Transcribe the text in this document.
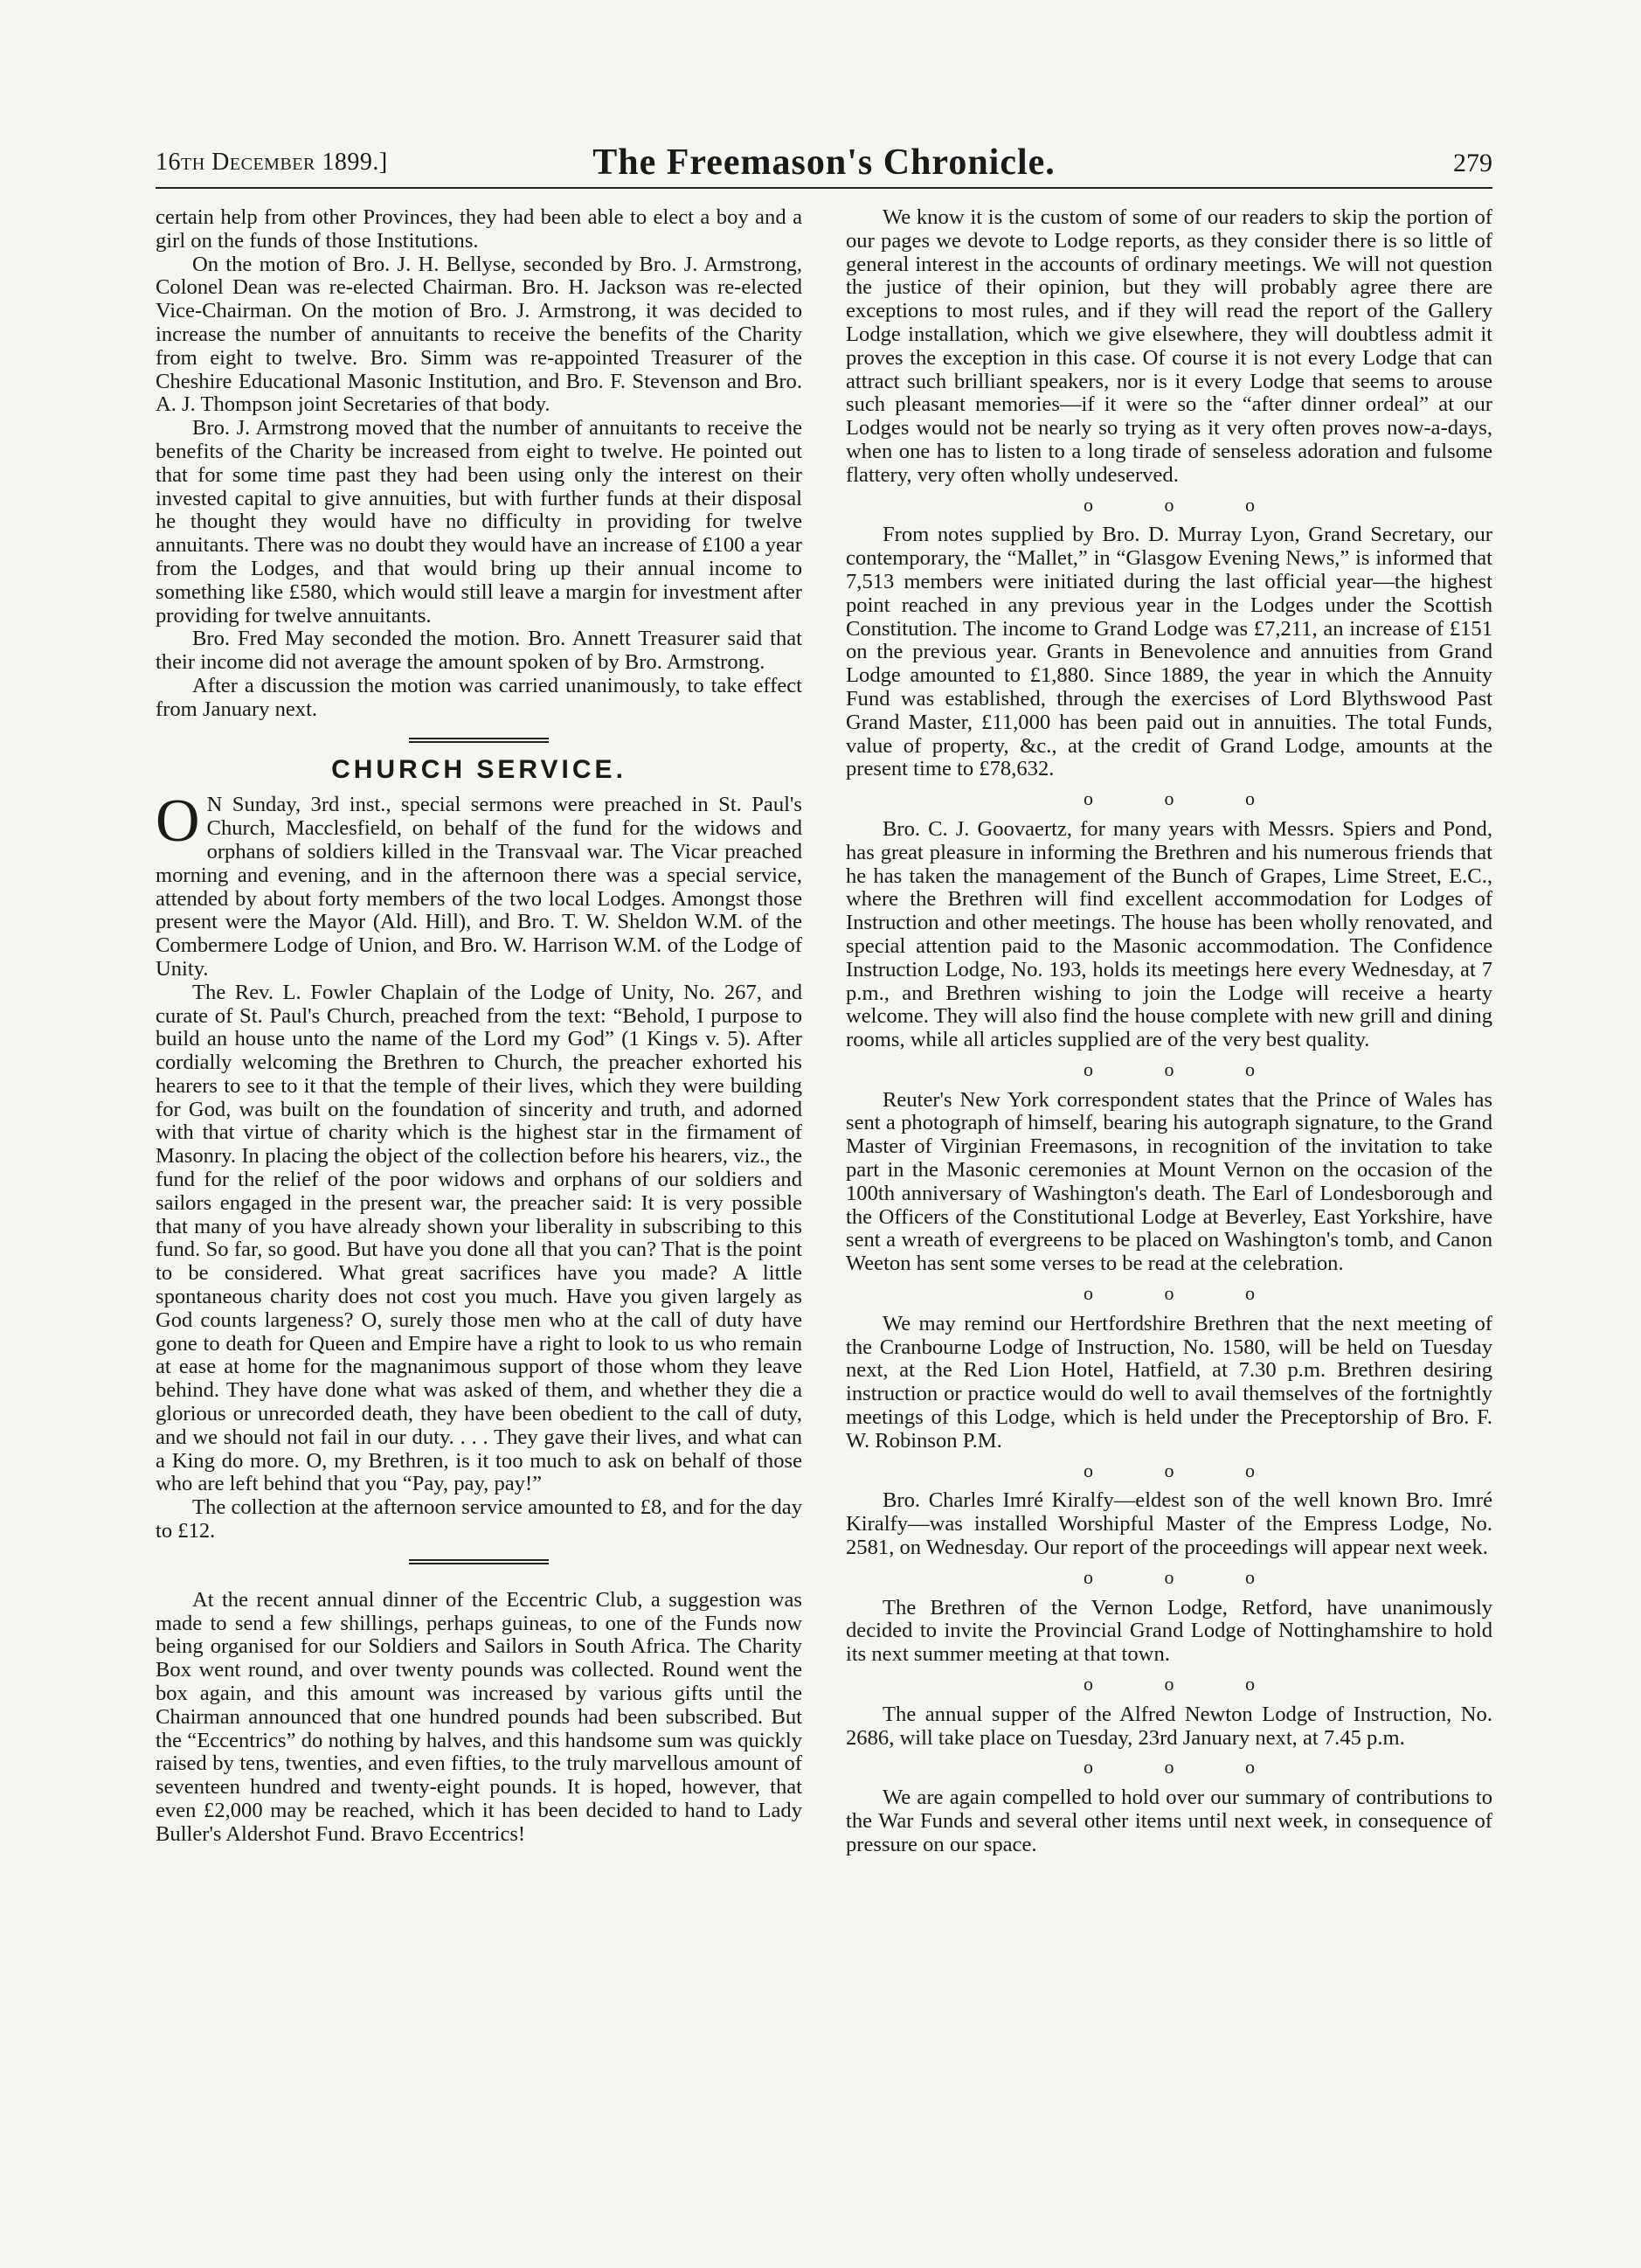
16th December 1899.]	The Freemason's Chronicle.	279

certain help from other Provinces, they had been able to elect a boy and a girl on the funds of those Institutions.

On the motion of Bro. J. H. Bellyse, seconded by Bro. J. Armstrong, Colonel Dean was re-elected Chairman. Bro. H. Jackson was re-elected Vice-Chairman. On the motion of Bro. J. Armstrong, it was decided to increase the number of annuitants to receive the benefits of the Charity from eight to twelve. Bro. Simm was re-appointed Treasurer of the Cheshire Educational Masonic Institution, and Bro. F. Stevenson and Bro. A. J. Thompson joint Secretaries of that body.

Bro. J. Armstrong moved that the number of annuitants to receive the benefits of the Charity be increased from eight to twelve. He pointed out that for some time past they had been using only the interest on their invested capital to give annuities, but with further funds at their disposal he thought they would have no difficulty in providing for twelve annuitants. There was no doubt they would have an increase of £100 a year from the Lodges, and that would bring up their annual income to something like £580, which would still leave a margin for investment after providing for twelve annuitants.

Bro. Fred May seconded the motion. Bro. Annett Treasurer said that their income did not average the amount spoken of by Bro. Armstrong.

After a discussion the motion was carried unanimously, to take effect from January next.

CHURCH SERVICE.

O N Sunday, 3rd inst., special sermons were preached in St. Paul's Church, Macclesfield, on behalf of the fund for the widows and orphans of soldiers killed in the Transvaal war. The Vicar preached morning and evening, and in the afternoon there was a special service, attended by about forty members of the two local Lodges. Amongst those present were the Mayor (Ald. Hill), and Bro. T. W. Sheldon W.M. of the Combermere Lodge of Union, and Bro. W. Harrison W.M. of the Lodge of Unity.

The Rev. L. Fowler Chaplain of the Lodge of Unity, No. 267, and curate of St. Paul's Church, preached from the text: “Behold, I purpose to build an house unto the name of the Lord my God” (1 Kings v. 5). After cordially welcoming the Brethren to Church, the preacher exhorted his hearers to see to it that the temple of their lives, which they were building for God, was built on the foundation of sincerity and truth, and adorned with that virtue of charity which is the highest star in the firmament of Masonry. In placing the object of the collection before his hearers, viz., the fund for the relief of the poor widows and orphans of our soldiers and sailors engaged in the present war, the preacher said: It is very possible that many of you have already shown your liberality in subscribing to this fund. So far, so good. But have you done all that you can? That is the point to be considered. What great sacrifices have you made? A little spontaneous charity does not cost you much. Have you given largely as God counts largeness? O, surely those men who at the call of duty have gone to death for Queen and Empire have a right to look to us who remain at ease at home for the magnanimous support of those whom they leave behind. They have done what was asked of them, and whether they die a glorious or unrecorded death, they have been obedient to the call of duty, and we should not fail in our duty. . . . They gave their lives, and what can a King do more. O, my Brethren, is it too much to ask on behalf of those who are left behind that you “Pay, pay, pay!”

The collection at the afternoon service amounted to £8, and for the day to £12.

At the recent annual dinner of the Eccentric Club, a suggestion was made to send a few shillings, perhaps guineas, to one of the Funds now being organised for our Soldiers and Sailors in South Africa. The Charity Box went round, and over twenty pounds was collected. Round went the box again, and this amount was increased by various gifts until the Chairman announced that one hundred pounds had been subscribed. But the “Eccentrics” do nothing by halves, and this handsome sum was quickly raised by tens, twenties, and even fifties, to the truly marvellous amount of seventeen hundred and twenty-eight pounds. It is hoped, however, that even £2,000 may be reached, which it has been decided to hand to Lady Buller's Aldershot Fund. Bravo Eccentrics!

We know it is the custom of some of our readers to skip the portion of our pages we devote to Lodge reports, as they consider there is so little of general interest in the accounts of ordinary meetings. We will not question the justice of their opinion, but they will probably agree there are exceptions to most rules, and if they will read the report of the Gallery Lodge installation, which we give elsewhere, they will doubtless admit it proves the exception in this case. Of course it is not every Lodge that can attract such brilliant speakers, nor is it every Lodge that seems to arouse such pleasant memories—if it were so the “after dinner ordeal” at our Lodges would not be nearly so trying as it very often proves now-a-days, when one has to listen to a long tirade of senseless adoration and fulsome flattery, very often wholly undeserved.

o o o

From notes supplied by Bro. D. Murray Lyon, Grand Secretary, our contemporary, the “Mallet,” in “Glasgow Evening News,” is informed that 7,513 members were initiated during the last official year—the highest point reached in any previous year in the Lodges under the Scottish Constitution. The income to Grand Lodge was £7,211, an increase of £151 on the previous year. Grants in Benevolence and annuities from Grand Lodge amounted to £1,880. Since 1889, the year in which the Annuity Fund was established, through the exercises of Lord Blythswood Past Grand Master, £11,000 has been paid out in annuities. The total Funds, value of property, &c., at the credit of Grand Lodge, amounts at the present time to £78,632.

o o o

Bro. C. J. Goovaertz, for many years with Messrs. Spiers and Pond, has great pleasure in informing the Brethren and his numerous friends that he has taken the management of the Bunch of Grapes, Lime Street, E.C., where the Brethren will find excellent accommodation for Lodges of Instruction and other meetings. The house has been wholly renovated, and special attention paid to the Masonic accommodation. The Confidence Instruction Lodge, No. 193, holds its meetings here every Wednesday, at 7 p.m., and Brethren wishing to join the Lodge will receive a hearty welcome. They will also find the house complete with new grill and dining rooms, while all articles supplied are of the very best quality.

o o o

Reuter's New York correspondent states that the Prince of Wales has sent a photograph of himself, bearing his autograph signature, to the Grand Master of Virginian Freemasons, in recognition of the invitation to take part in the Masonic ceremonies at Mount Vernon on the occasion of the 100th anniversary of Washington's death. The Earl of Londesborough and the Officers of the Constitutional Lodge at Beverley, East Yorkshire, have sent a wreath of evergreens to be placed on Washington's tomb, and Canon Weeton has sent some verses to be read at the celebration.

o o o

We may remind our Hertfordshire Brethren that the next meeting of the Cranbourne Lodge of Instruction, No. 1580, will be held on Tuesday next, at the Red Lion Hotel, Hatfield, at 7.30 p.m. Brethren desiring instruction or practice would do well to avail themselves of the fortnightly meetings of this Lodge, which is held under the Preceptorship of Bro. F. W. Robinson P.M.

o o o

Bro. Charles Imré Kiralfy—eldest son of the well known Bro. Imré Kiralfy—was installed Worshipful Master of the Empress Lodge, No. 2581, on Wednesday. Our report of the proceedings will appear next week.

o o o

The Brethren of the Vernon Lodge, Retford, have unanimously decided to invite the Provincial Grand Lodge of Nottinghamshire to hold its next summer meeting at that town.

o o o

The annual supper of the Alfred Newton Lodge of Instruction, No. 2686, will take place on Tuesday, 23rd January next, at 7.45 p.m.

o o o

We are again compelled to hold over our summary of contributions to the War Funds and several other items until next week, in consequence of pressure on our space.
